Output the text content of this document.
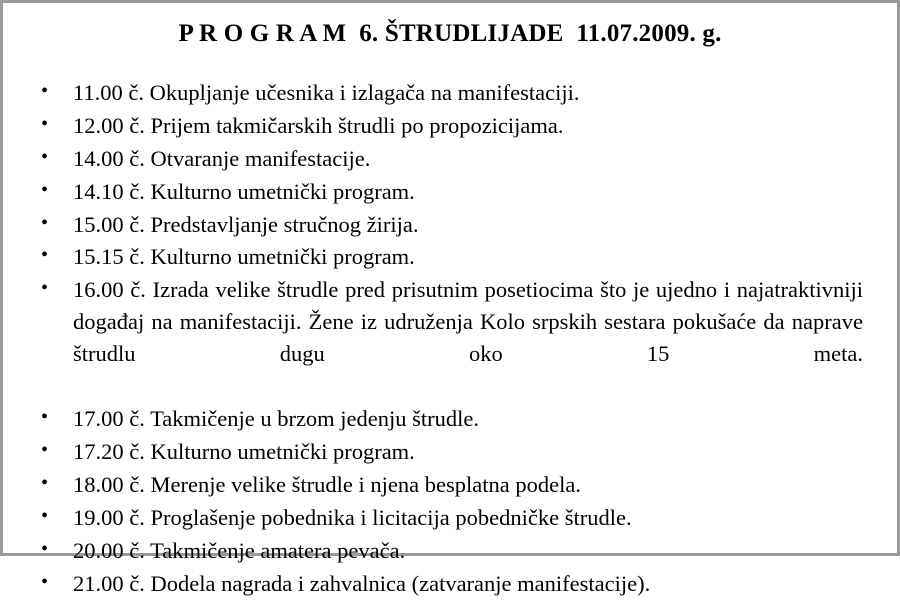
P R O G R A M  6. ŠTRUDLIJADE  11.07.2009. g.
• 11.00 č. Okupljanje učesnika i izlagača na manifestaciji.
• 12.00 č. Prijem takmičarskih štrudli po propozicijama.
• 14.00 č. Otvaranje manifestacije.
• 14.10 č. Kulturno umetnički program.
• 15.00 č. Predstavljanje stručnog žirija.
• 15.15 č. Kulturno umetnički program.
• 16.00 č. Izrada velike štrudle pred prisutnim posetiocima što je ujedno i najatraktivniji događaj na manifestaciji. Žene iz udruženja Kolo srpskih sestara pokušaće da naprave štrudlu dugu oko 15 meta.
• 17.00 č. Takmičenje u brzom jedenju štrudle.
• 17.20 č. Kulturno umetnički program.
• 18.00 č. Merenje velike štrudle i njena besplatna podela.
• 19.00 č. Proglašenje pobednika i licitacija pobedničke štrudle.
• 20.00 č. Takmičenje amatera pevača.
• 21.00 č. Dodela nagrada i zahvalnica (zatvaranje manifestacije).
